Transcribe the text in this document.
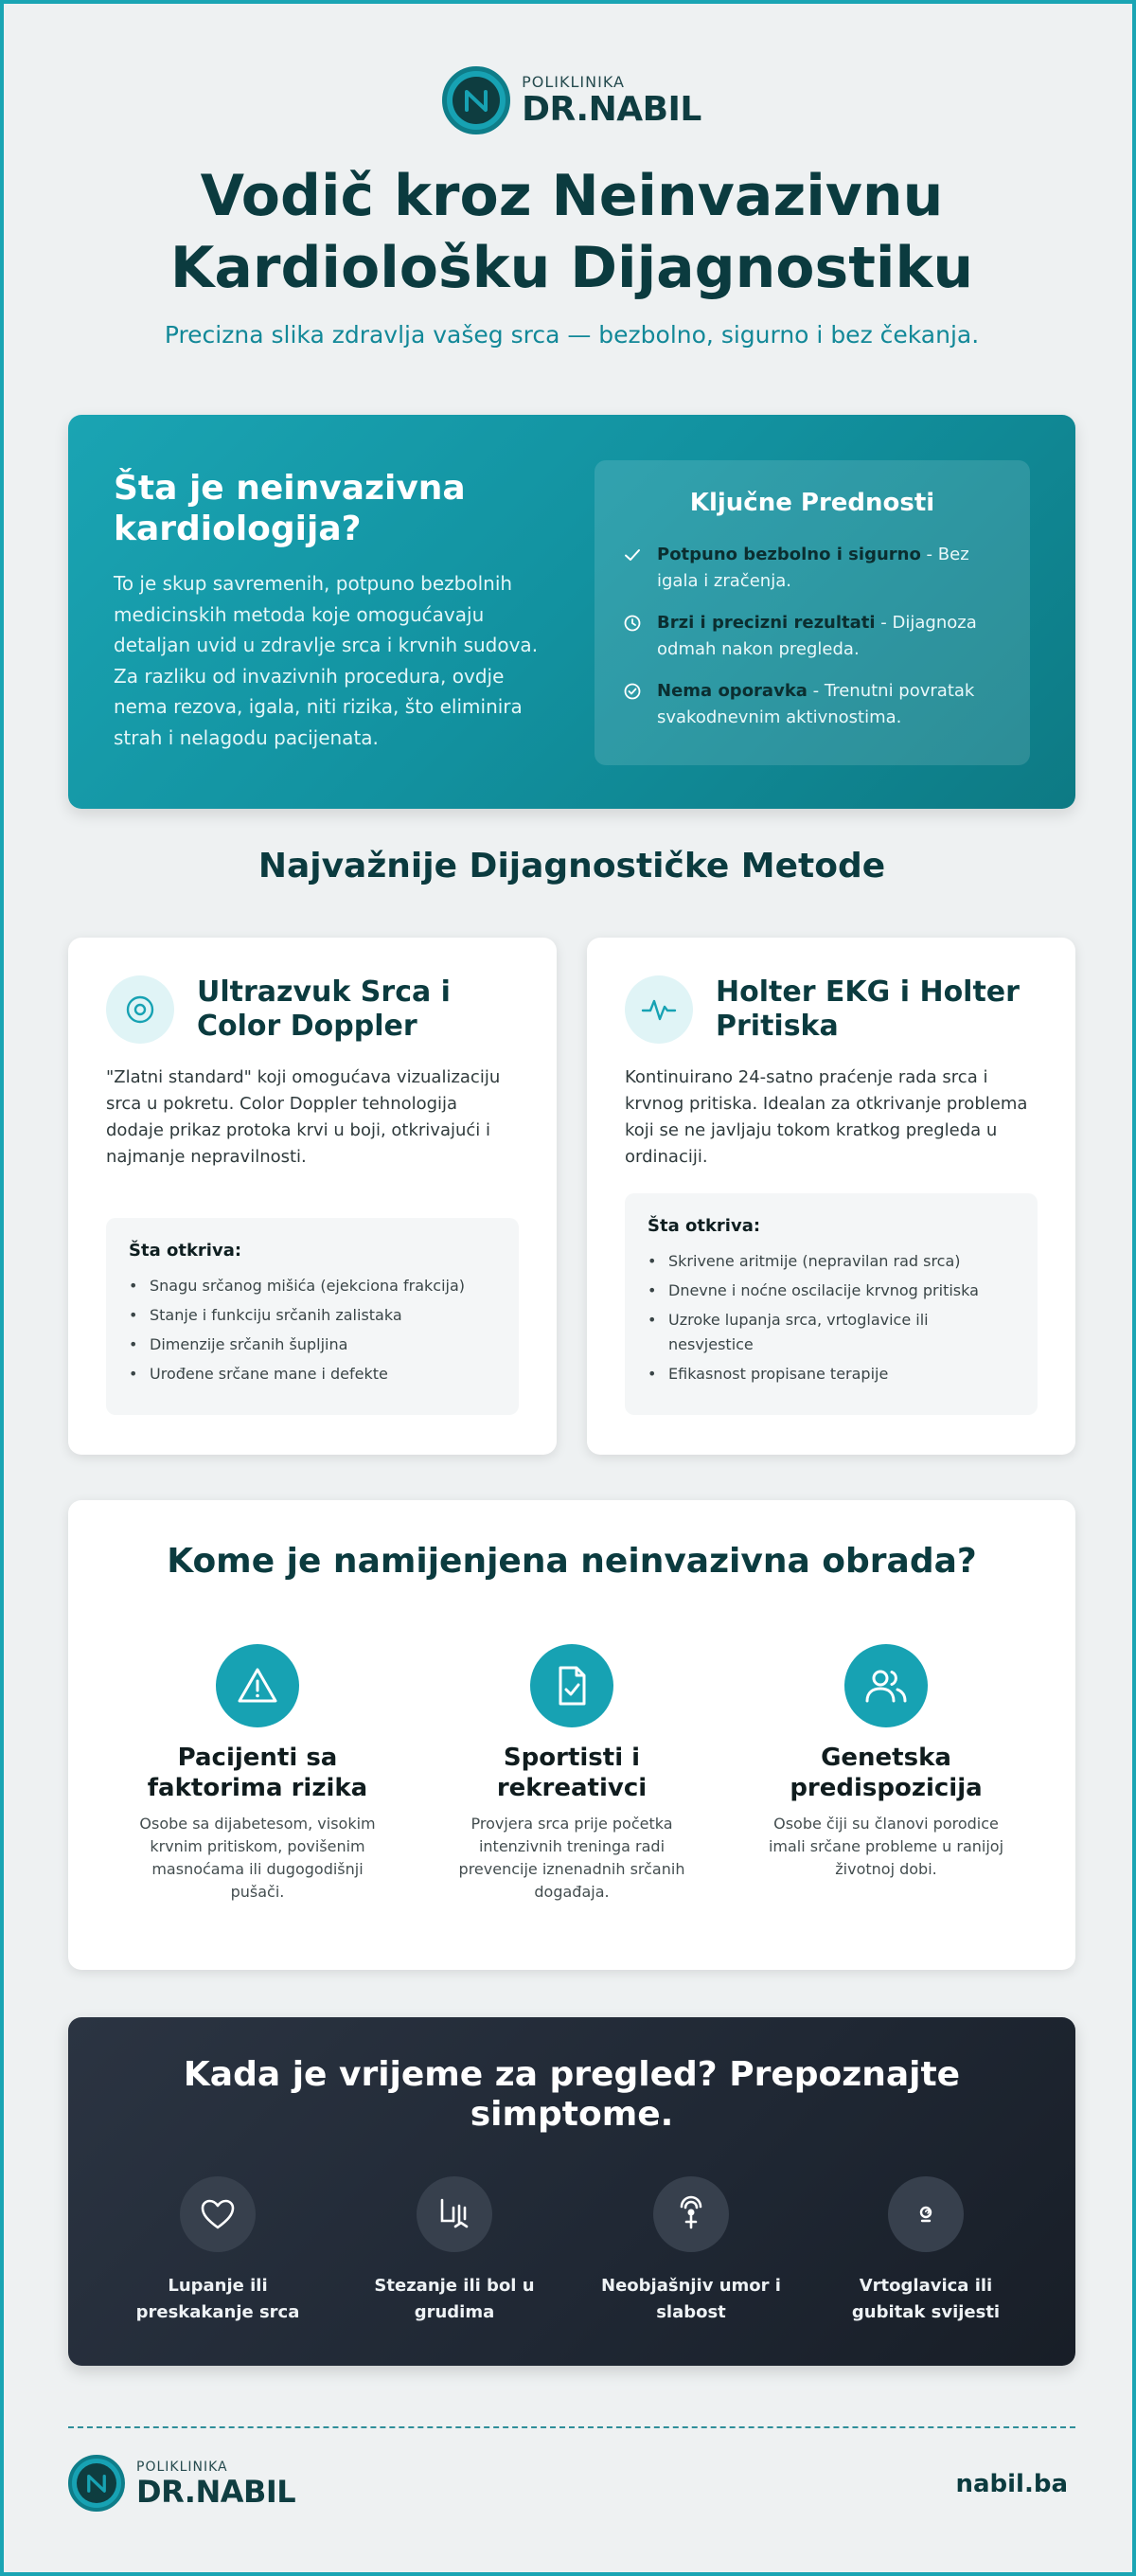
POLIKLINIKA
DR.NABIL
Vodič kroz Neinvazivnu
Kardiološku Dijagnostiku
Precizna slika zdravlja vašeg srca — bezbolno, sigurno i bez čekanja.
Šta je neinvazivna kardiologija?
To je skup savremenih, potpuno bezbolnih medicinskih metoda koje omogućavaju detaljan uvid u zdravlje srca i krvnih sudova. Za razliku od invazivnih procedura, ovdje nema rezova, igala, niti rizika, što eliminira strah i nelagodu pacijenata.
Ključne Prednosti
Potpuno bezbolno i sigurno - Bez igala i zračenja.
Brzi i precizni rezultati - Dijagnoza odmah nakon pregleda.
Nema oporavka - Trenutni povratak svakodnevnim aktivnostima.
Najvažnije Dijagnostičke Metode
Ultrazvuk Srca i Color Doppler
"Zlatni standard" koji omogućava vizualizaciju srca u pokretu. Color Doppler tehnologija dodaje prikaz protoka krvi u boji, otkrivajući i najmanje nepravilnosti.
Šta otkriva:
• Snagu srčanog mišića (ejekciona frakcija)
• Stanje i funkciju srčanih zalistaka
• Dimenzije srčanih šupljina
• Urođene srčane mane i defekte
Holter EKG i Holter Pritiska
Kontinuirano 24-satno praćenje rada srca i krvnog pritiska. Idealan za otkrivanje problema koji se ne javljaju tokom kratkog pregleda u ordinaciji.
Šta otkriva:
• Skrivene aritmije (nepravilan rad srca)
• Dnevne i noćne oscilacije krvnog pritiska
• Uzroke lupanja srca, vrtoglavice ili nesvjestice
• Efikasnost propisane terapije
Kome je namijenjena neinvazivna obrada?
Pacijenti sa faktorima rizika
Osobe sa dijabetesom, visokim krvnim pritiskom, povišenim masnoćama ili dugogodišnji pušači.
Sportisti i rekreativci
Provjera srca prije početka intenzivnih treninga radi prevencije iznenadnih srčanih događaja.
Genetska predispozicija
Osobe čiji su članovi porodice imali srčane probleme u ranijoj životnoj dobi.
Kada je vrijeme za pregled? Prepoznajte simptome.
Lupanje ili preskakanje srca
Stezanje ili bol u grudima
Neobjašnjiv umor i slabost
Vrtoglavica ili gubitak svijesti
POLIKLINIKA
DR.NABIL	nabil.ba
